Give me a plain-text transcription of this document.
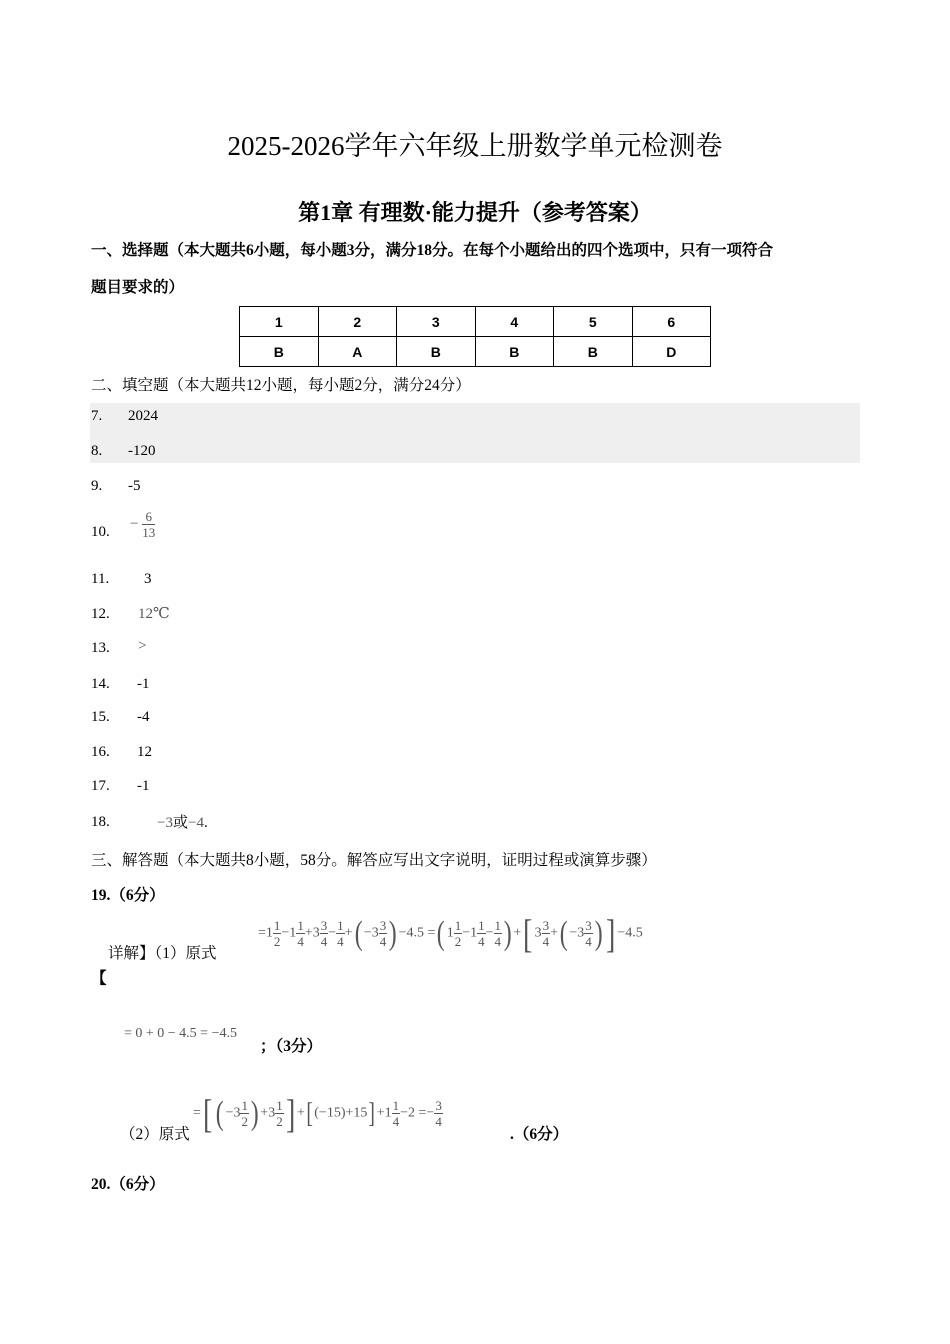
2025-2026学年六年级上册数学单元检测卷
第1章 有理数·能力提升（参考答案）
一、选择题（本大题共6小题，每小题3分，满分18分。在每个小题给出的四个选项中，只有一项符合
题目要求的）
1	2	3	4	5	6
B	A	B	B	B	D
二、填空题（本大题共12小题，每小题2分，满分24分）
7. 2024
8. -120
9. -5
10. − $\frac{6}{13}$
11. 3
12. 12℃
13. >
14. -1
15. -4
16. 12
17. -1
18.	−3或−4.
三、解答题（本大题共8小题，58分。解答应写出文字说明，证明过程或演算步骤）
19.（6分）
$=1 \frac{1}{2} -1 \frac{1}{4} +3 \frac{3}{4} - \frac{1}{4}$ +( $-3 \frac{3}{4}$ ) −4.5 =( $1 \frac{1}{2} -1 \frac{1}{4} - \frac{1}{4}$ ) +[ $3 \frac{3}{4}$ +( $-3 \frac{3}{4}$ )] −4.5
详解】（1）原式
【
= 0 + 0 − 4.5 = −4.5
；（3分）
=[ ( $-3 \frac{1}{2}$ ) $+3 \frac{1}{2}$ ] $+[(-15)+15]+1 \frac{1}{4} -2 =- \frac{3}{4}$
（2）原式	.（6分）
20.（6分）
